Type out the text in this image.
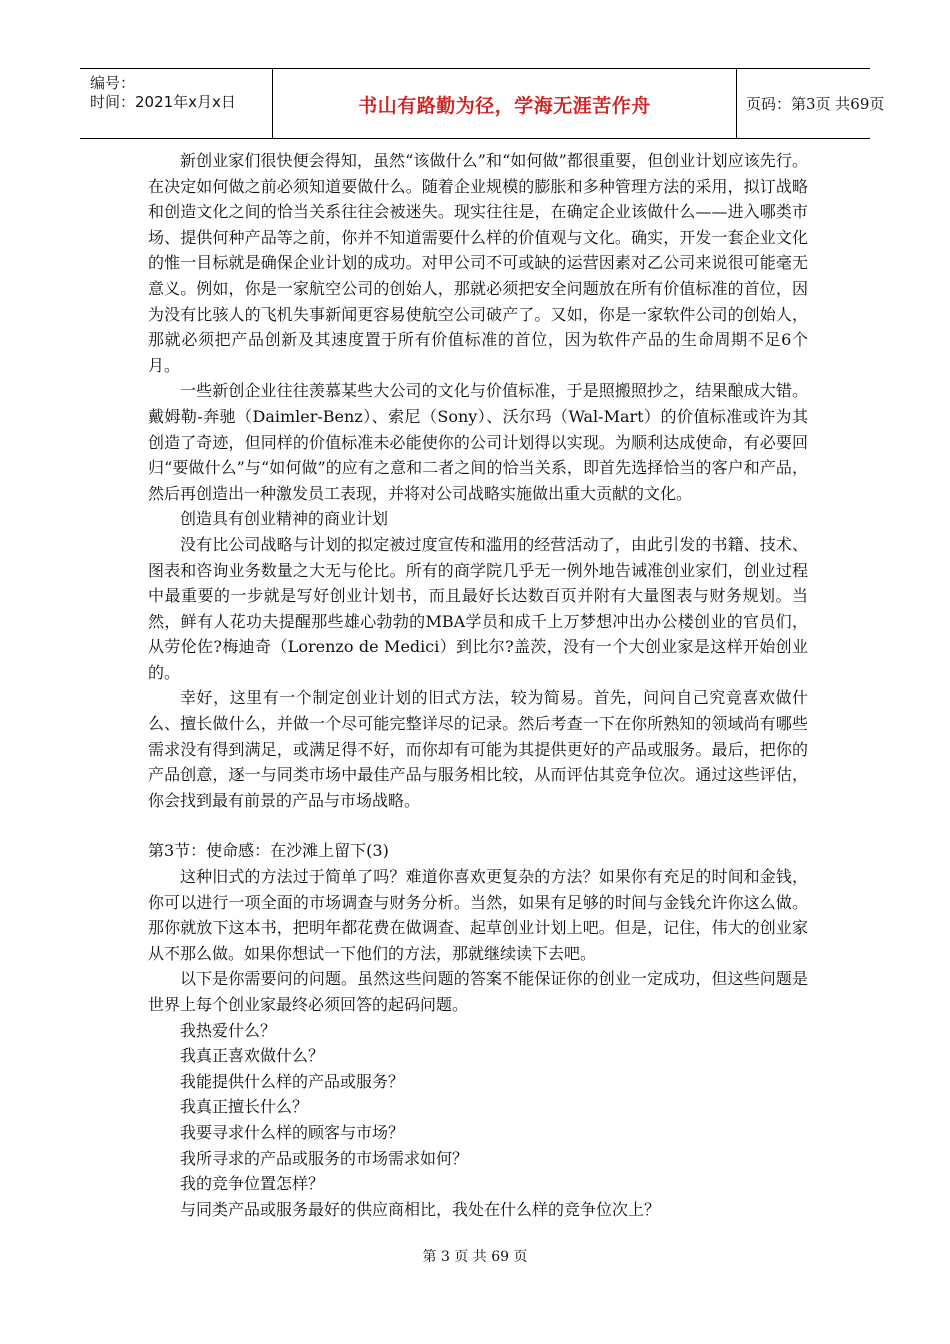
编号：
时间：2021年x月x日	书山有路勤为径，学海无涯苦作舟	页码：第3页 共69页

新创业家们很快便会得知，虽然“该做什么”和“如何做”都很重要，但创业计划应该先行。在决定如何做之前必须知道要做什么。随着企业规模的膨胀和多种管理方法的采用，拟订战略和创造文化之间的恰当关系往往会被迷失。现实往往是，在确定企业该做什么——进入哪类市场、提供何种产品等之前，你并不知道需要什么样的价值观与文化。确实，开发一套企业文化的惟一目标就是确保企业计划的成功。对甲公司不可或缺的运营因素对乙公司来说很可能毫无意义。例如，你是一家航空公司的创始人，那就必须把安全问题放在所有价值标准的首位，因为没有比骇人的飞机失事新闻更容易使航空公司破产了。又如，你是一家软件公司的创始人，那就必须把产品创新及其速度置于所有价值标准的首位，因为软件产品的生命周期不足6个月。

一些新创企业往往羡慕某些大公司的文化与价值标准，于是照搬照抄之，结果酿成大错。戴姆勒-奔驰（Daimler-Benz）、索尼（Sony）、沃尔玛（Wal-Mart）的价值标准或许为其创造了奇迹，但同样的价值标准未必能使你的公司计划得以实现。为顺利达成使命，有必要回归“要做什么”与“如何做”的应有之意和二者之间的恰当关系，即首先选择恰当的客户和产品，然后再创造出一种激发员工表现，并将对公司战略实施做出重大贡献的文化。

创造具有创业精神的商业计划

没有比公司战略与计划的拟定被过度宣传和滥用的经营活动了，由此引发的书籍、技术、图表和咨询业务数量之大无与伦比。所有的商学院几乎无一例外地告诫准创业家们，创业过程中最重要的一步就是写好创业计划书，而且最好长达数百页并附有大量图表与财务规划。当然，鲜有人花功夫提醒那些雄心勃勃的MBA学员和成千上万梦想冲出办公楼创业的官员们，从劳伦佐?梅迪奇（Lorenzo de Medici）到比尔?盖茨，没有一个大创业家是这样开始创业的。

幸好，这里有一个制定创业计划的旧式方法，较为简易。首先，问问自己究竟喜欢做什么、擅长做什么，并做一个尽可能完整详尽的记录。然后考查一下在你所熟知的领域尚有哪些需求没有得到满足，或满足得不好，而你却有可能为其提供更好的产品或服务。最后，把你的产品创意，逐一与同类市场中最佳产品与服务相比较，从而评估其竞争位次。通过这些评估，你会找到最有前景的产品与市场战略。

第3节：使命感：在沙滩上留下(3)

这种旧式的方法过于简单了吗？难道你喜欢更复杂的方法？如果你有充足的时间和金钱，你可以进行一项全面的市场调查与财务分析。当然，如果有足够的时间与金钱允许你这么做。那你就放下这本书，把明年都花费在做调查、起草创业计划上吧。但是，记住，伟大的创业家从不那么做。如果你想试一下他们的方法，那就继续读下去吧。

以下是你需要问的问题。虽然这些问题的答案不能保证你的创业一定成功，但这些问题是世界上每个创业家最终必须回答的起码问题。

我热爱什么？

我真正喜欢做什么？

我能提供什么样的产品或服务？

我真正擅长什么？

我要寻求什么样的顾客与市场？

我所寻求的产品或服务的市场需求如何？

我的竞争位置怎样？

与同类产品或服务最好的供应商相比，我处在什么样的竞争位次上？

第 3 页 共 69 页
